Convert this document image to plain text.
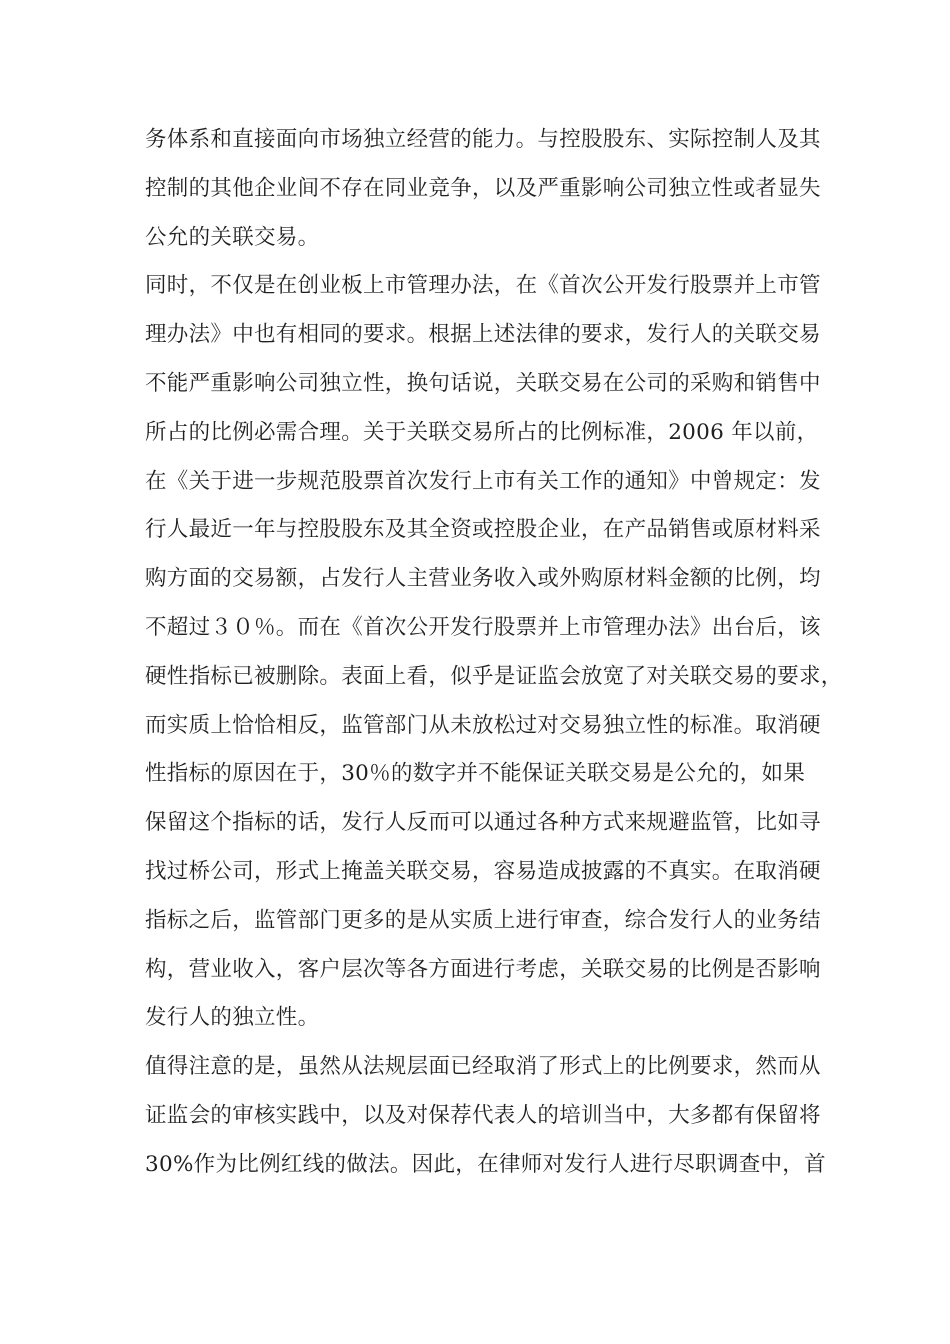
务体系和直接面向市场独立经营的能力。与控股股东、实际控制人及其
控制的其他企业间不存在同业竞争，以及严重影响公司独立性或者显失
公允的关联交易。
同时，不仅是在创业板上市管理办法，在《首次公开发行股票并上市管
理办法》中也有相同的要求。根据上述法律的要求，发行人的关联交易
不能严重影响公司独立性，换句话说，关联交易在公司的采购和销售中
所占的比例必需合理。关于关联交易所占的比例标准，2006 年以前，
在《关于进一步规范股票首次发行上市有关工作的通知》中曾规定：发
行人最近一年与控股股东及其全资或控股企业，在产品销售或原材料采
购方面的交易额，占发行人主营业务收入或外购原材料金额的比例，均
不超过３０％。而在《首次公开发行股票并上市管理办法》出台后，该
硬性指标已被删除。表面上看，似乎是证监会放宽了对关联交易的要求，
而实质上恰恰相反，监管部门从未放松过对交易独立性的标准。取消硬
性指标的原因在于，30％的数字并不能保证关联交易是公允的，如果
保留这个指标的话，发行人反而可以通过各种方式来规避监管，比如寻
找过桥公司，形式上掩盖关联交易，容易造成披露的不真实。在取消硬
指标之后，监管部门更多的是从实质上进行审查，综合发行人的业务结
构，营业收入，客户层次等各方面进行考虑，关联交易的比例是否影响
发行人的独立性。
值得注意的是，虽然从法规层面已经取消了形式上的比例要求，然而从
证监会的审核实践中，以及对保荐代表人的培训当中，大多都有保留将
30%作为比例红线的做法。因此，在律师对发行人进行尽职调查中，首
